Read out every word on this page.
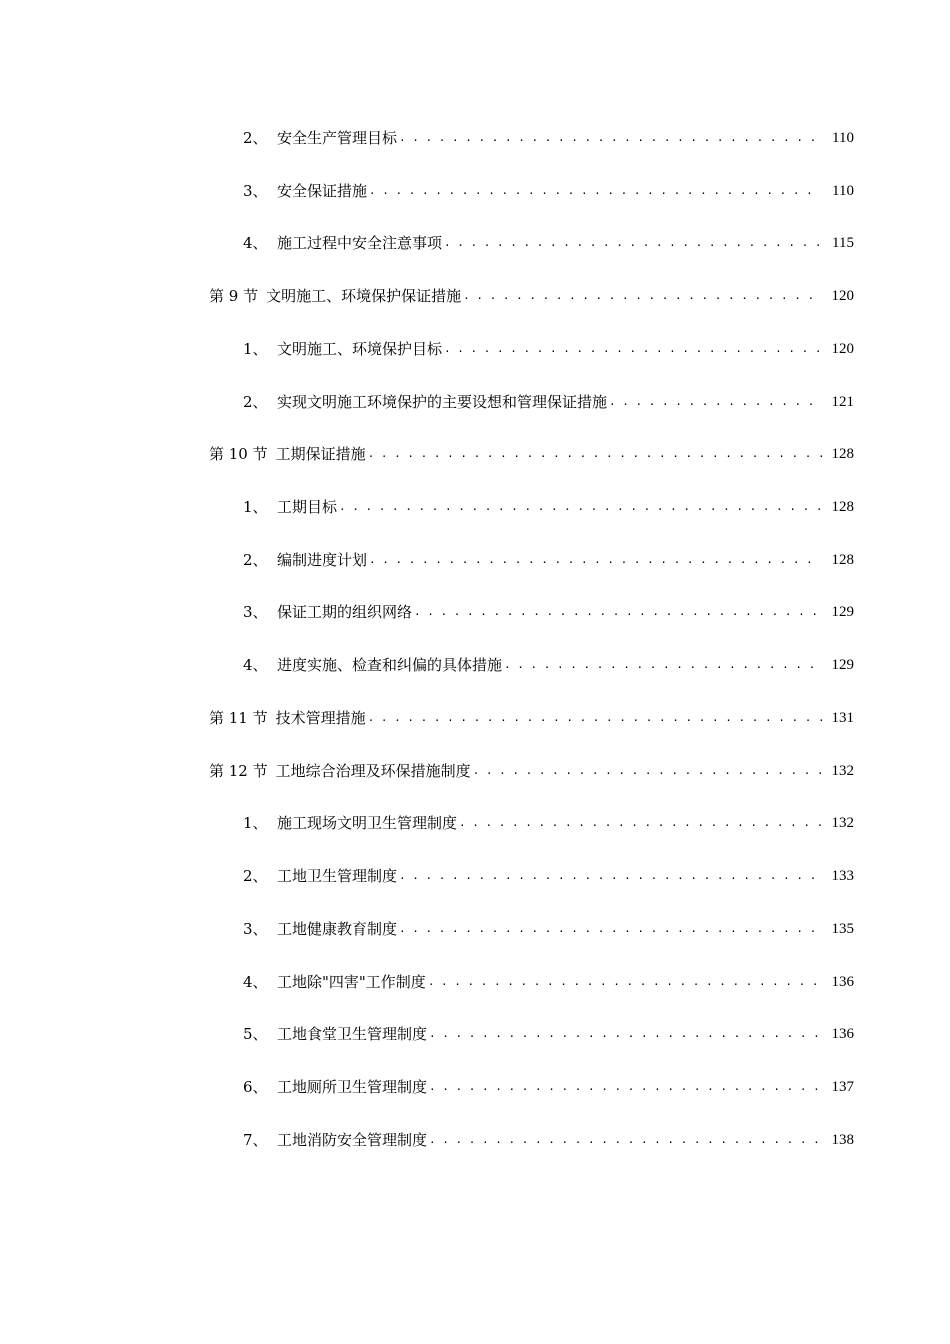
2、 安全生产管理目标 . . .	110
3、 安全保证措施 . . .	110
4、 施工过程中安全注意事项 . . .	115
第 9 节 文明施工、环境保护保证措施 . . .	120
1、 文明施工、环境保护目标 . . .	120
2、 实现文明施工环境保护的主要设想和管理保证措施 . . .	121
第 10 节 工期保证措施 . . .	128
1、 工期目标 . . .	128
2、 编制进度计划 . . .	128
3、 保证工期的组织网络 . . .	129
4、 进度实施、检查和纠偏的具体措施 . . .	129
第 11 节 技术管理措施 . . .	131
第 12 节 工地综合治理及环保措施制度 . . .	132
1、 施工现场文明卫生管理制度 . . .	132
2、 工地卫生管理制度 . . .	133
3、 工地健康教育制度 . . .	135
4、 工地除"四害"工作制度 . . .	136
5、 工地食堂卫生管理制度 . . .	136
6、 工地厕所卫生管理制度 . . .	137
7、 工地消防安全管理制度 . . .	138
